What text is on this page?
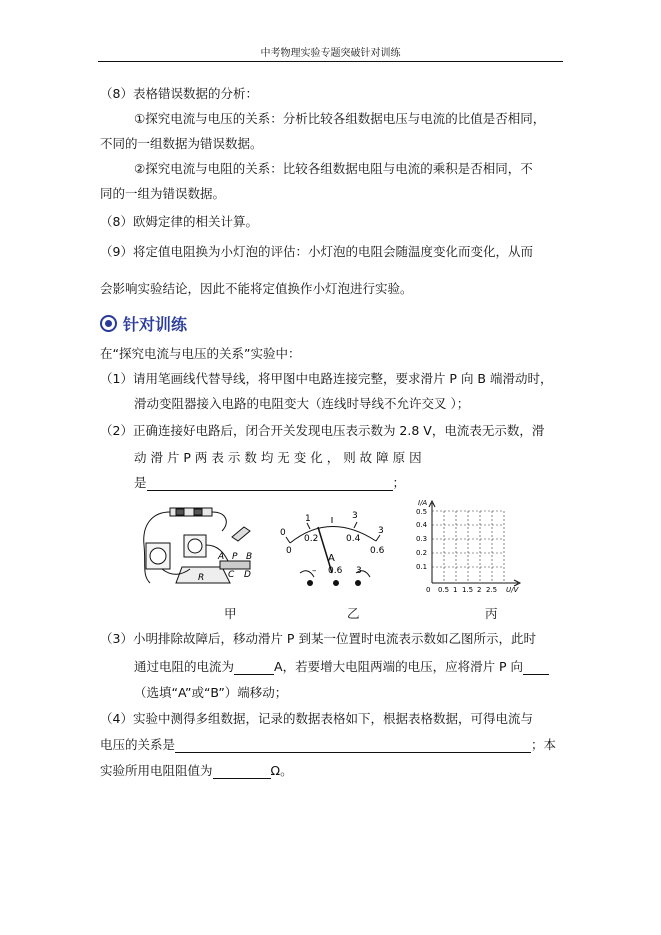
中考物理实验专题突破针对训练
（8）表格错误数据的分析：
①探究电流与电压的关系：分析比较各组数据电压与电流的比值是否相同，
不同的一组数据为错误数据。
②探究电流与电阻的关系：比较各组数据电阻与电流的乘积是否相同，不
同的一组为错误数据。
（8）欧姆定律的相关计算。
（9）将定值电阻换为小灯泡的评估：小灯泡的电阻会随温度变化而变化，从而
会影响实验结论，因此不能将定值换作小灯泡进行实验。
针对训练
在“探究电流与电压的关系”实验中：
（1）请用笔画线代替导线，将甲图中电路连接完整，要求滑片 P 向 B 端滑动时，
滑动变阻器接入电路的电阻变大（连线时导线不允许交叉 ）；
（2）正确连接好电路后，闭合开关发现电压表示数为 2.8 V，电流表无示数，滑
动 滑 片 P 两 表 示 数 均 无 变 化 ， 则 故 障 原 因
是	；
A P B
R	C D
0
1	3
3
0
0.2	0.4
0.6
A
– 0.6 3
I/A
0.4
0.5
0.3
0.2
0.1
0 0.5 1 1.5 2 2.5 U/V
甲	乙	丙
（3）小明排除故障后，移动滑片 P 到某一位置时电流表示数如乙图所示，此时
通过电阻的电流为	A，若要增大电阻两端的电压，应将滑片 P 向
（选填“A”或“B”）端移动；
（4）实验中测得多组数据，记录的数据表格如下，根据表格数据，可得电流与
电压的关系是	；本
实验所用电阻阻值为	Ω。
